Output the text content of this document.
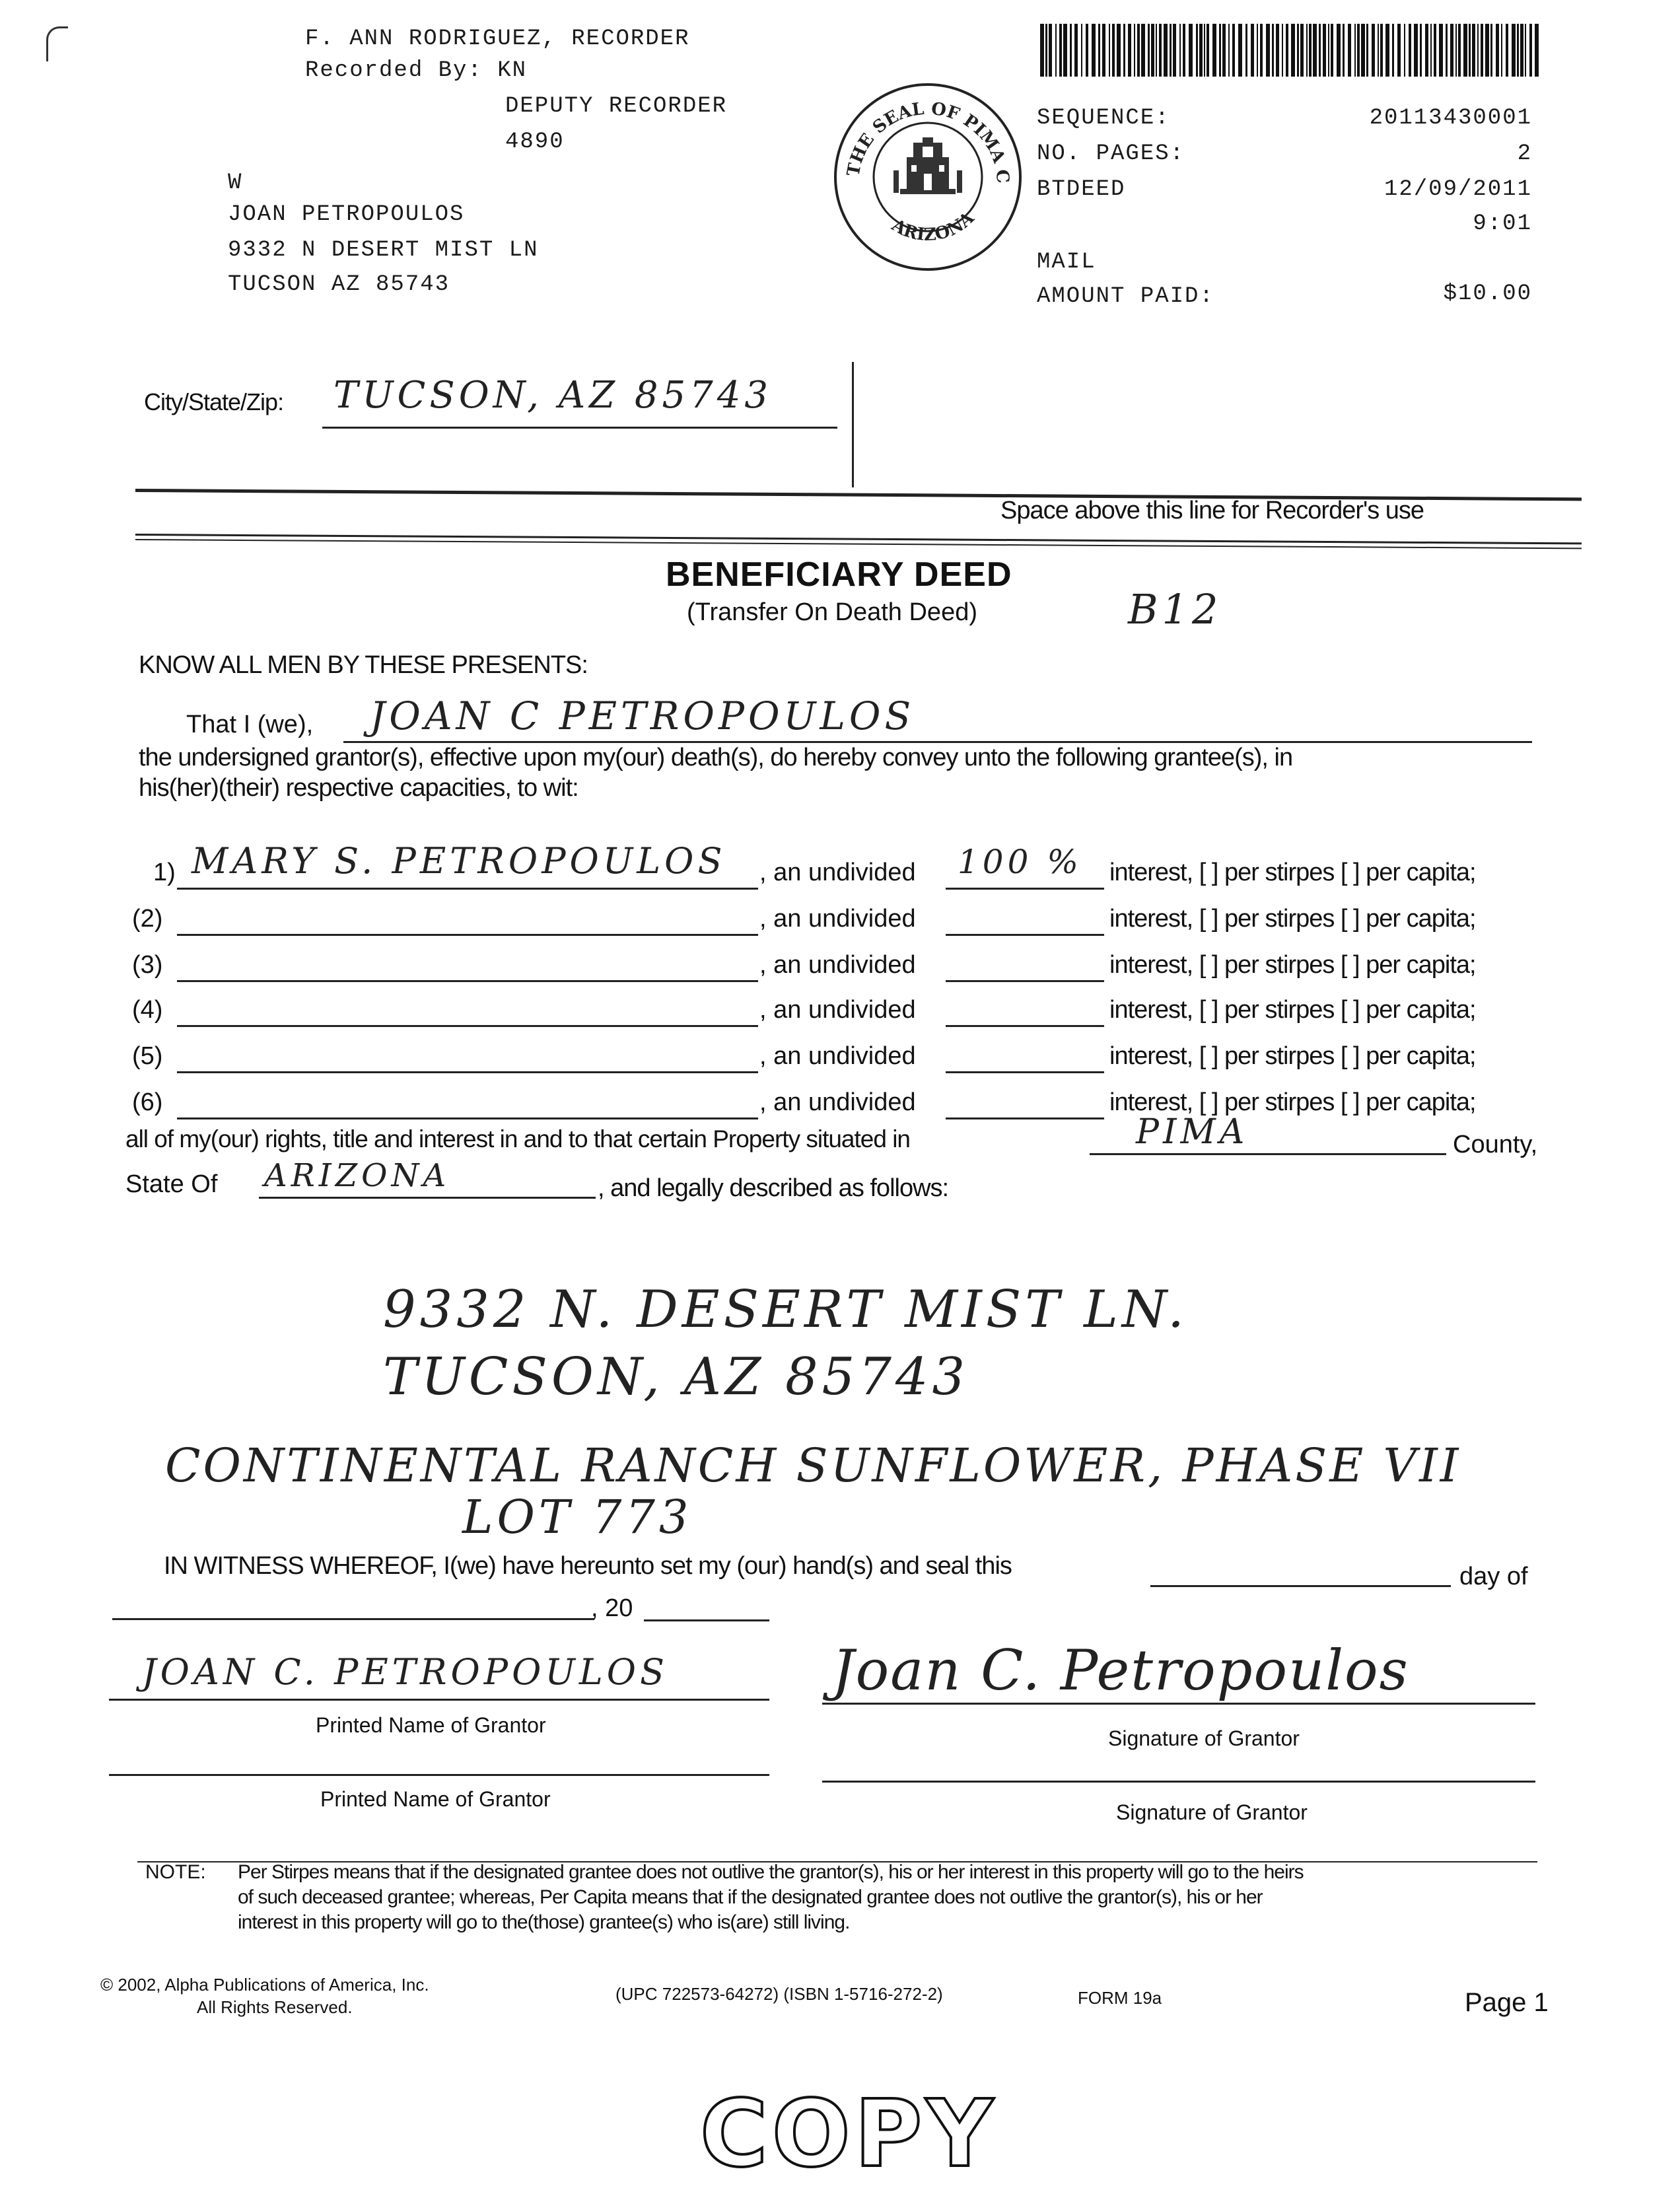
F. ANN RODRIGUEZ, RECORDER
Recorded By: KN
DEPUTY RECORDER
4890
W
JOAN PETROPOULOS
9332 N DESERT MIST LN
TUCSON AZ 85743
THE SEAL OF PIMA C
ARIZONA
SEQUENCE:	20113430001
NO. PAGES:	2
BTDEED	12/09/2011
9:01
MAIL
AMOUNT PAID:	$10.00
City/State/Zip: TUCSON, AZ 85743
Space above this line for Recorder's use
BENEFICIARY DEED
(Transfer On Death Deed)	B12
KNOW ALL MEN BY THESE PRESENTS:
That I (we), JOAN C PETROPOULOS
the undersigned grantor(s), effective upon my(our) death(s), do hereby convey unto the following grantee(s), in
his(her)(their) respective capacities, to wit:
1) MARY S. PETROPOULOS , an undivided 100 % interest, [ ] per stirpes [ ] per capita;
(2)	, an undivided	interest, [ ] per stirpes [ ] per capita;
(3)	, an undivided	interest, [ ] per stirpes [ ] per capita;
(4)	, an undivided	interest, [ ] per stirpes [ ] per capita;
(5)	, an undivided	interest, [ ] per stirpes [ ] per capita;
(6)	, an undivided	interest, [ ] per stirpes [ ] per capita;
all of my(our) rights, title and interest in and to that certain Property situated in	PIMA	County,
State Of ARIZONA	, and legally described as follows:
9332 N. DESERT MIST LN.
TUCSON, AZ 85743
CONTINENTAL RANCH SUNFLOWER, PHASE VII
LOT 773
IN WITNESS WHEREOF, I(we) have hereunto set my (our) hand(s) and seal this	day of
, 20
JOAN C. PETROPOULOS
Printed Name of Grantor
Joan C. Petropoulos
Signature of Grantor
Printed Name of Grantor
Signature of Grantor
NOTE: Per Stirpes means that if the designated grantee does not outlive the grantor(s), his or her interest in this property will go to the heirs
of such deceased grantee; whereas, Per Capita means that if the designated grantee does not outlive the grantor(s), his or her
interest in this property will go to the(those) grantee(s) who is(are) still living.
© 2002, Alpha Publications of America, Inc.
All Rights Reserved.
(UPC 722573-64272) (ISBN 1-5716-272-2)	FORM 19a	Page 1
COPY
